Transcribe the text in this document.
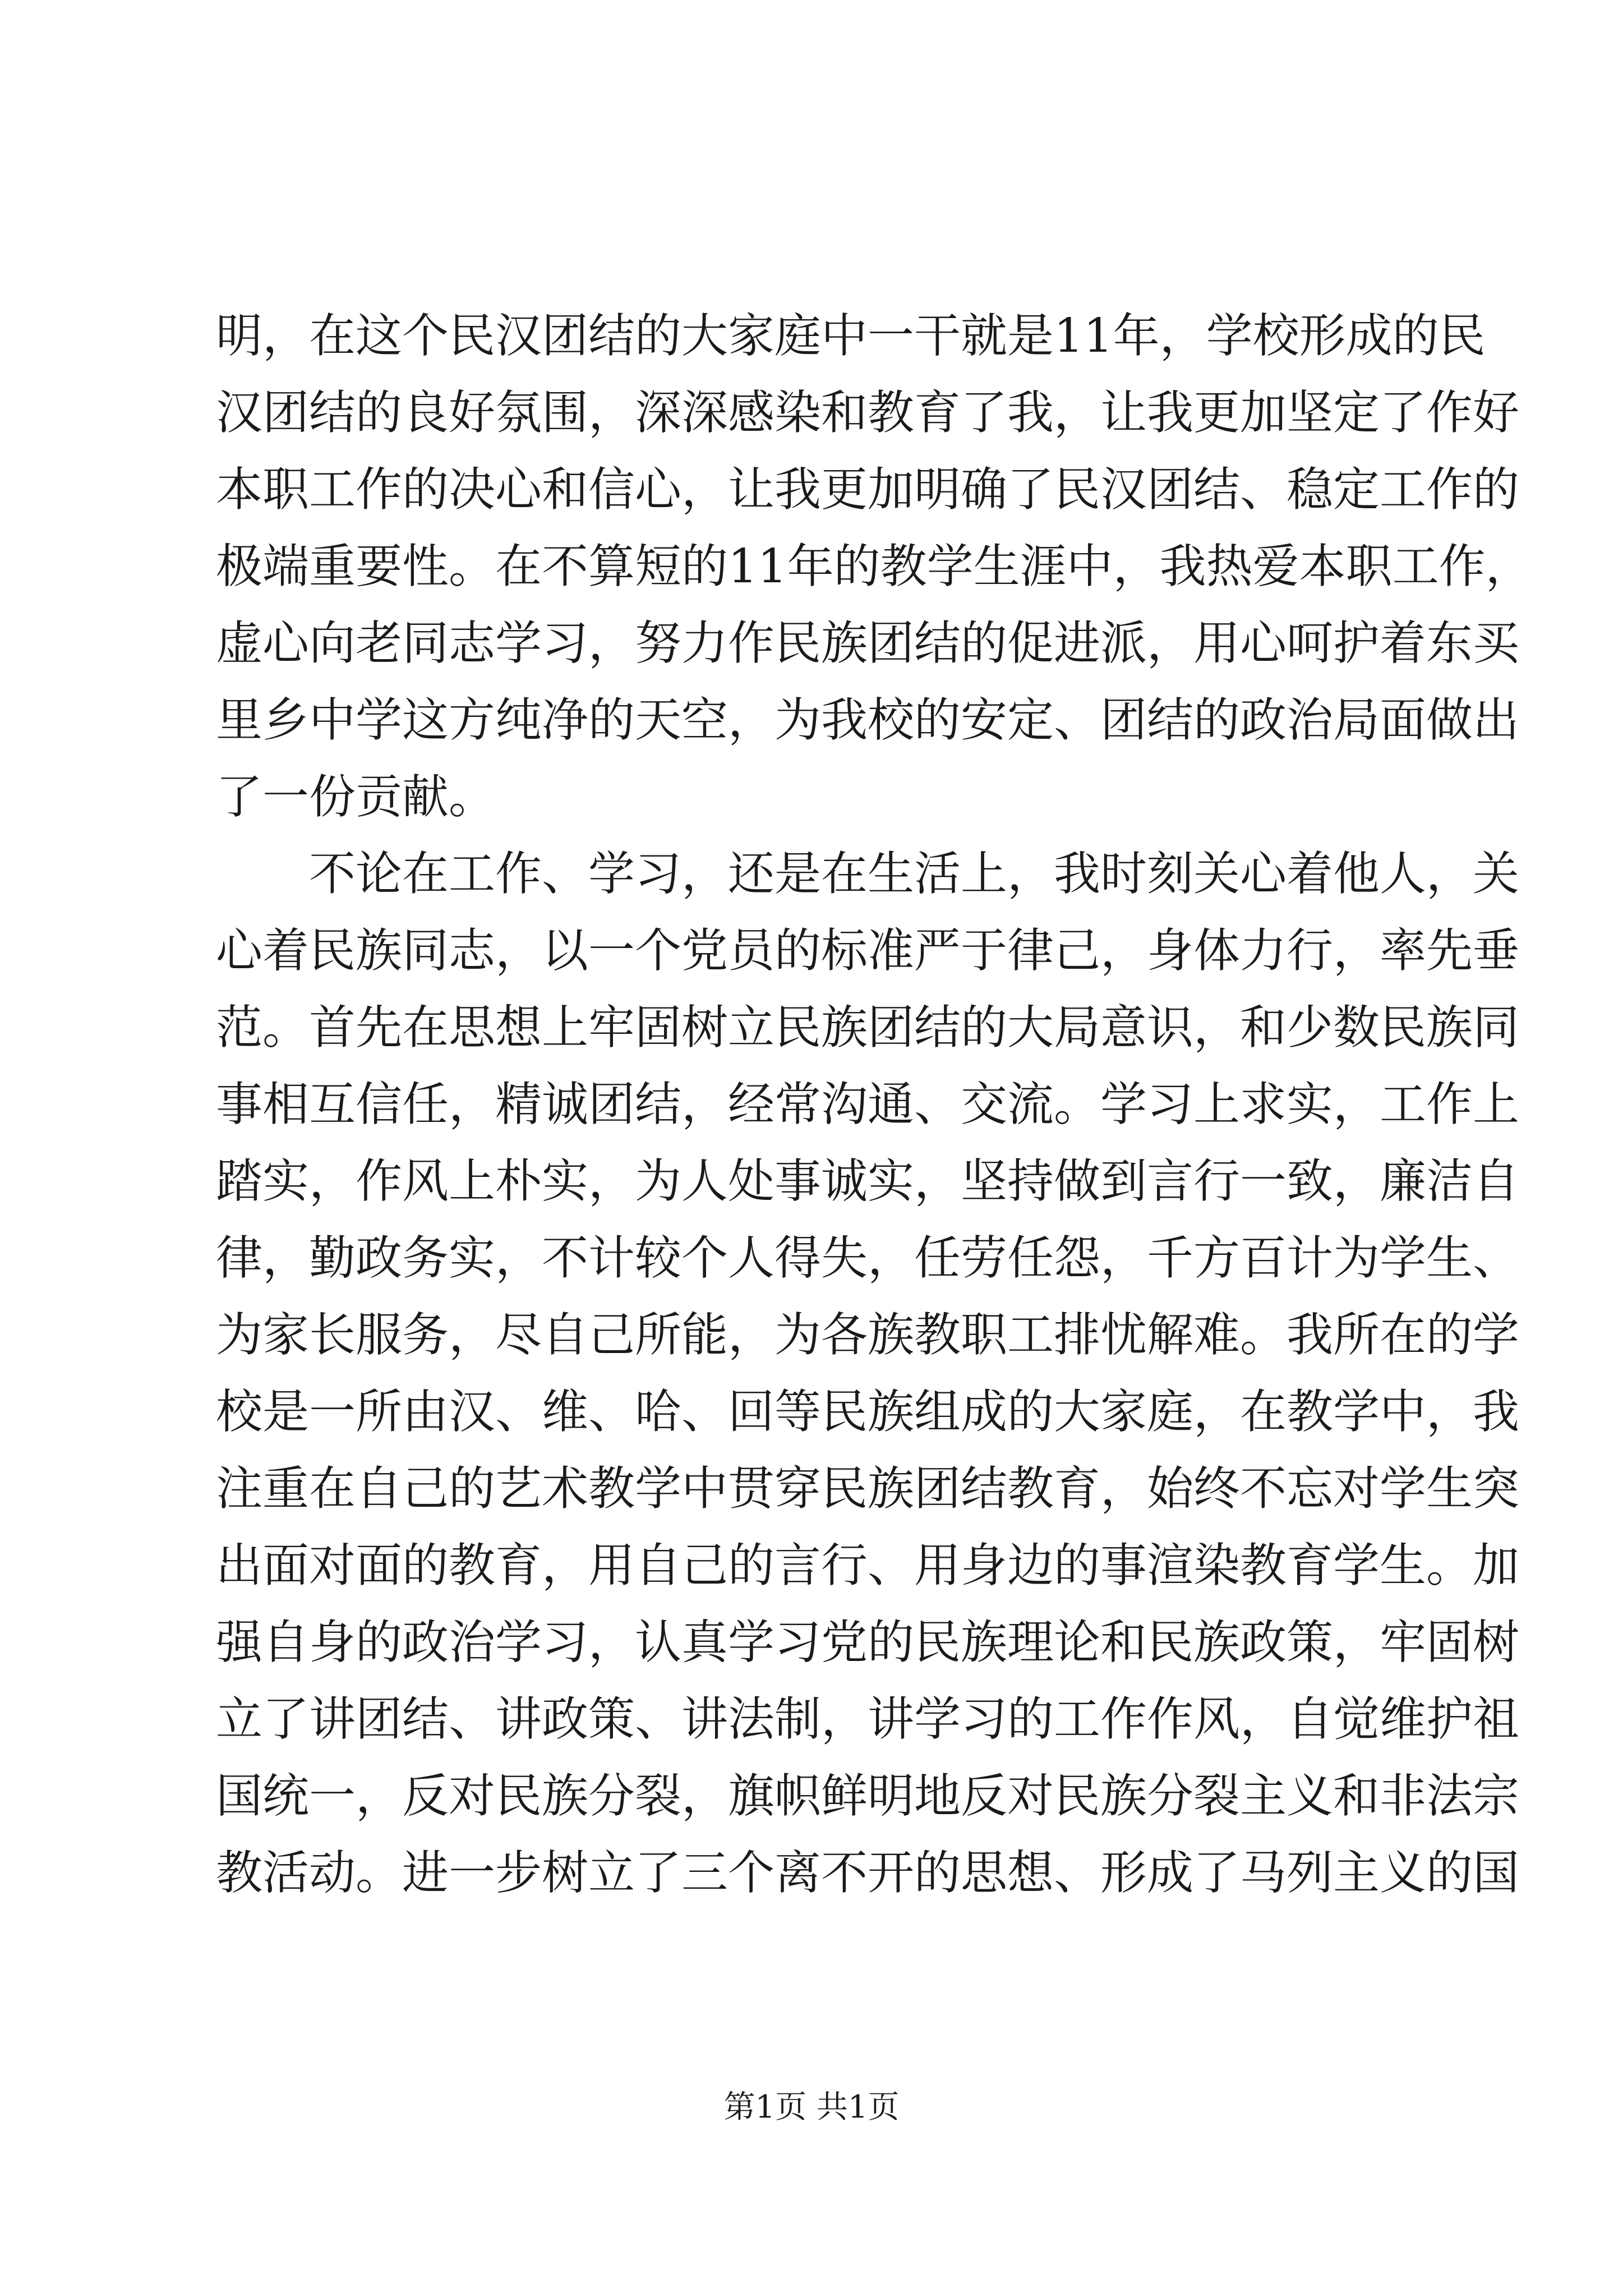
明，在这个民汉团结的大家庭中一干就是11年，学校形成的民
汉团结的良好氛围，深深感染和教育了我，让我更加坚定了作好
本职工作的决心和信心，让我更加明确了民汉团结、稳定工作的
极端重要性。在不算短的11年的教学生涯中，我热爱本职工作，
虚心向老同志学习，努力作民族团结的促进派，用心呵护着东买
里乡中学这方纯净的天空，为我校的安定、团结的政治局面做出
了一份贡献。
不论在工作、学习，还是在生活上，我时刻关心着他人，关
心着民族同志，以一个党员的标准严于律己，身体力行，率先垂
范。首先在思想上牢固树立民族团结的大局意识，和少数民族同
事相互信任，精诚团结，经常沟通、交流。学习上求实，工作上
踏实，作风上朴实，为人处事诚实，坚持做到言行一致，廉洁自
律，勤政务实，不计较个人得失，任劳任怨，千方百计为学生、
为家长服务，尽自己所能，为各族教职工排忧解难。我所在的学
校是一所由汉、维、哈、回等民族组成的大家庭，在教学中，我
注重在自己的艺术教学中贯穿民族团结教育，始终不忘对学生突
出面对面的教育，用自己的言行、用身边的事渲染教育学生。加
强自身的政治学习，认真学习党的民族理论和民族政策，牢固树
立了讲团结、讲政策、讲法制，讲学习的工作作风，自觉维护祖
国统一，反对民族分裂，旗帜鲜明地反对民族分裂主义和非法宗
教活动。进一步树立了三个离不开的思想、形成了马列主义的国
第1页 共1页
